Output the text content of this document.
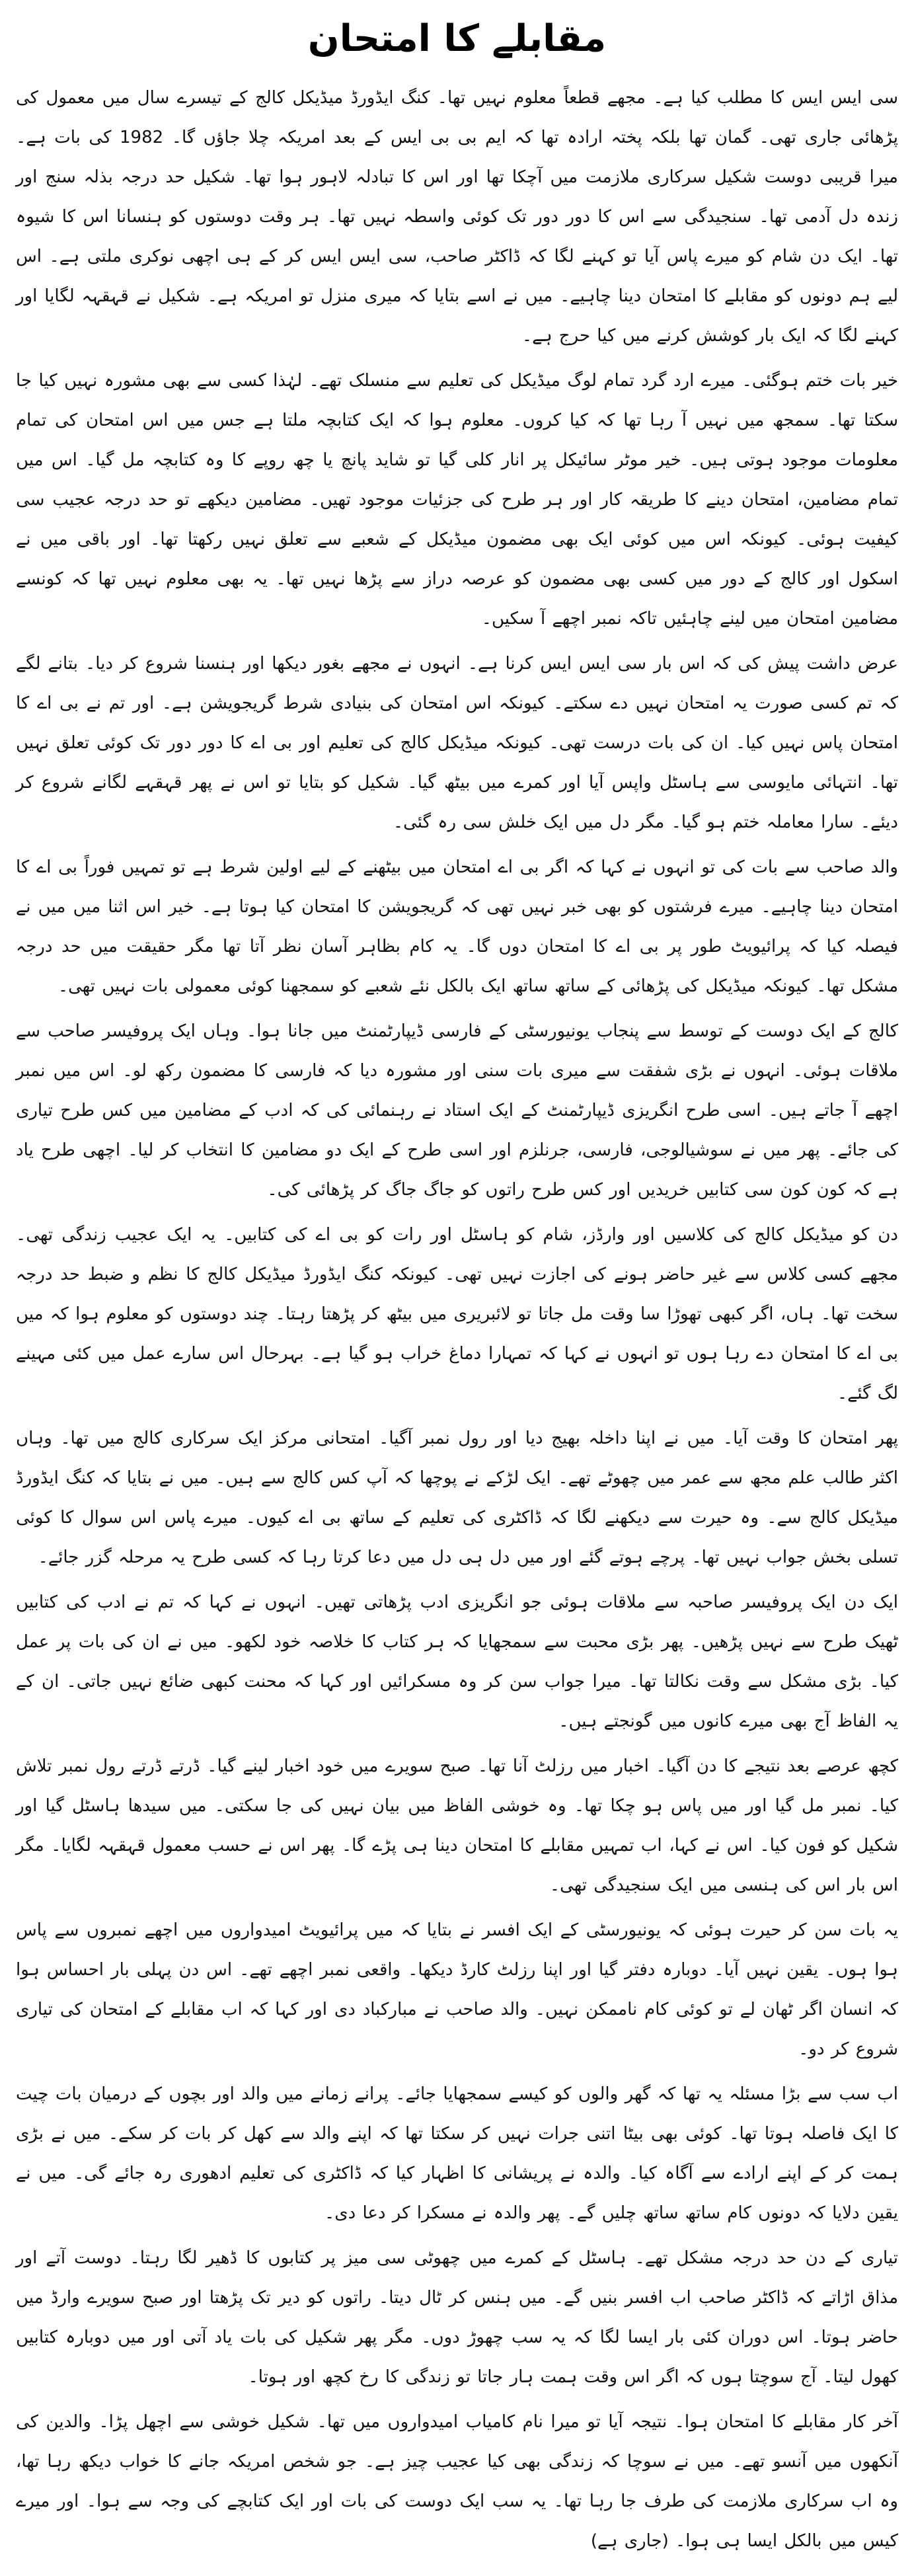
مقابلے کا امتحان

سی ایس ایس کا مطلب کیا ہے۔ مجھے قطعاً معلوم نہیں تھا۔ کنگ ایڈورڈ میڈیکل کالج کے تیسرے سال میں معمول کی پڑھائی جاری تھی۔ گمان تھا بلکہ پختہ ارادہ تھا کہ ایم بی بی ایس کے بعد امریکہ چلا جاؤں گا۔ 1982 کی بات ہے۔ میرا قریبی دوست شکیل سرکاری ملازمت میں آچکا تھا اور اس کا تبادلہ لاہور ہوا تھا۔ شکیل حد درجہ بذلہ سنج اور زندہ دل آدمی تھا۔ سنجیدگی سے اس کا دور دور تک کوئی واسطہ نہیں تھا۔ ہر وقت دوستوں کو ہنسانا اس کا شیوہ تھا۔ ایک دن شام کو میرے پاس آیا تو کہنے لگا کہ ڈاکٹر صاحب، سی ایس ایس کر کے ہی اچھی نوکری ملتی ہے۔ اس لیے ہم دونوں کو مقابلے کا امتحان دینا چاہیے۔ میں نے اسے بتایا کہ میری منزل تو امریکہ ہے۔ شکیل نے قہقہہ لگایا اور کہنے لگا کہ ایک بار کوشش کرنے میں کیا حرج ہے۔

خیر بات ختم ہوگئی۔ میرے ارد گرد تمام لوگ میڈیکل کی تعلیم سے منسلک تھے۔ لہٰذا کسی سے بھی مشورہ نہیں کیا جا سکتا تھا۔ سمجھ میں نہیں آ رہا تھا کہ کیا کروں۔ معلوم ہوا کہ ایک کتابچہ ملتا ہے جس میں اس امتحان کی تمام معلومات موجود ہوتی ہیں۔ خیر موٹر سائیکل پر انار کلی گیا تو شاید پانچ یا چھ روپے کا وہ کتابچہ مل گیا۔ اس میں تمام مضامین، امتحان دینے کا طریقہ کار اور ہر طرح کی جزئیات موجود تھیں۔ مضامین دیکھے تو حد درجہ عجیب سی کیفیت ہوئی۔ کیونکہ اس میں کوئی ایک بھی مضمون میڈیکل کے شعبے سے تعلق نہیں رکھتا تھا۔ اور باقی میں نے اسکول اور کالج کے دور میں کسی بھی مضمون کو عرصہ دراز سے پڑھا نہیں تھا۔ یہ بھی معلوم نہیں تھا کہ کونسے مضامین امتحان میں لینے چاہئیں تاکہ نمبر اچھے آ سکیں۔

عرض داشت پیش کی کہ اس بار سی ایس ایس کرنا ہے۔ انہوں نے مجھے بغور دیکھا اور ہنسنا شروع کر دیا۔ بتانے لگے کہ تم کسی صورت یہ امتحان نہیں دے سکتے۔ کیونکہ اس امتحان کی بنیادی شرط گریجویشن ہے۔ اور تم نے بی اے کا امتحان پاس نہیں کیا۔ ان کی بات درست تھی۔ کیونکہ میڈیکل کالج کی تعلیم اور بی اے کا دور دور تک کوئی تعلق نہیں تھا۔ انتہائی مایوسی سے ہاسٹل واپس آیا اور کمرے میں بیٹھ گیا۔ شکیل کو بتایا تو اس نے پھر قہقہے لگانے شروع کر دیئے۔ سارا معاملہ ختم ہو گیا۔ مگر دل میں ایک خلش سی رہ گئی۔

والد صاحب سے بات کی تو انہوں نے کہا کہ اگر بی اے امتحان میں بیٹھنے کے لیے اولین شرط ہے تو تمہیں فوراً بی اے کا امتحان دینا چاہیے۔ میرے فرشتوں کو بھی خبر نہیں تھی کہ گریجویشن کا امتحان کیا ہوتا ہے۔ خیر اس اثنا میں میں نے فیصلہ کیا کہ پرائیویٹ طور پر بی اے کا امتحان دوں گا۔ یہ کام بظاہر آسان نظر آتا تھا مگر حقیقت میں حد درجہ مشکل تھا۔ کیونکہ میڈیکل کی پڑھائی کے ساتھ ساتھ ایک بالکل نئے شعبے کو سمجھنا کوئی معمولی بات نہیں تھی۔

کالج کے ایک دوست کے توسط سے پنجاب یونیورسٹی کے فارسی ڈیپارٹمنٹ میں جانا ہوا۔ وہاں ایک پروفیسر صاحب سے ملاقات ہوئی۔ انہوں نے بڑی شفقت سے میری بات سنی اور مشورہ دیا کہ فارسی کا مضمون رکھ لو۔ اس میں نمبر اچھے آ جاتے ہیں۔ اسی طرح انگریزی ڈیپارٹمنٹ کے ایک استاد نے رہنمائی کی کہ ادب کے مضامین میں کس طرح تیاری کی جائے۔ پھر میں نے سوشیالوجی، فارسی، جرنلزم اور اسی طرح کے ایک دو مضامین کا انتخاب کر لیا۔ اچھی طرح یاد ہے کہ کون کون سی کتابیں خریدیں اور کس طرح راتوں کو جاگ جاگ کر پڑھائی کی۔

دن کو میڈیکل کالج کی کلاسیں اور وارڈز، شام کو ہاسٹل اور رات کو بی اے کی کتابیں۔ یہ ایک عجیب زندگی تھی۔ مجھے کسی کلاس سے غیر حاضر ہونے کی اجازت نہیں تھی۔ کیونکہ کنگ ایڈورڈ میڈیکل کالج کا نظم و ضبط حد درجہ سخت تھا۔ ہاں، اگر کبھی تھوڑا سا وقت مل جاتا تو لائبریری میں بیٹھ کر پڑھتا رہتا۔ چند دوستوں کو معلوم ہوا کہ میں بی اے کا امتحان دے رہا ہوں تو انہوں نے کہا کہ تمہارا دماغ خراب ہو گیا ہے۔ بہرحال اس سارے عمل میں کئی مہینے لگ گئے۔

پھر امتحان کا وقت آیا۔ میں نے اپنا داخلہ بھیج دیا اور رول نمبر آگیا۔ امتحانی مرکز ایک سرکاری کالج میں تھا۔ وہاں اکثر طالب علم مجھ سے عمر میں چھوٹے تھے۔ ایک لڑکے نے پوچھا کہ آپ کس کالج سے ہیں۔ میں نے بتایا کہ کنگ ایڈورڈ میڈیکل کالج سے۔ وہ حیرت سے دیکھنے لگا کہ ڈاکٹری کی تعلیم کے ساتھ بی اے کیوں۔ میرے پاس اس سوال کا کوئی تسلی بخش جواب نہیں تھا۔ پرچے ہوتے گئے اور میں دل ہی دل میں دعا کرتا رہا کہ کسی طرح یہ مرحلہ گزر جائے۔

ایک دن ایک پروفیسر صاحبہ سے ملاقات ہوئی جو انگریزی ادب پڑھاتی تھیں۔ انہوں نے کہا کہ تم نے ادب کی کتابیں ٹھیک طرح سے نہیں پڑھیں۔ پھر بڑی محبت سے سمجھایا کہ ہر کتاب کا خلاصہ خود لکھو۔ میں نے ان کی بات پر عمل کیا۔ بڑی مشکل سے وقت نکالتا تھا۔ میرا جواب سن کر وہ مسکرائیں اور کہا کہ محنت کبھی ضائع نہیں جاتی۔ ان کے یہ الفاظ آج بھی میرے کانوں میں گونجتے ہیں۔

کچھ عرصے بعد نتیجے کا دن آگیا۔ اخبار میں رزلٹ آنا تھا۔ صبح سویرے میں خود اخبار لینے گیا۔ ڈرتے ڈرتے رول نمبر تلاش کیا۔ نمبر مل گیا اور میں پاس ہو چکا تھا۔ وہ خوشی الفاظ میں بیان نہیں کی جا سکتی۔ میں سیدھا ہاسٹل گیا اور شکیل کو فون کیا۔ اس نے کہا، اب تمہیں مقابلے کا امتحان دینا ہی پڑے گا۔ پھر اس نے حسب معمول قہقہہ لگایا۔ مگر اس بار اس کی ہنسی میں ایک سنجیدگی تھی۔

یہ بات سن کر حیرت ہوئی کہ یونیورسٹی کے ایک افسر نے بتایا کہ میں پرائیویٹ امیدواروں میں اچھے نمبروں سے پاس ہوا ہوں۔ یقین نہیں آیا۔ دوبارہ دفتر گیا اور اپنا رزلٹ کارڈ دیکھا۔ واقعی نمبر اچھے تھے۔ اس دن پہلی بار احساس ہوا کہ انسان اگر ٹھان لے تو کوئی کام ناممکن نہیں۔ والد صاحب نے مبارکباد دی اور کہا کہ اب مقابلے کے امتحان کی تیاری شروع کر دو۔

اب سب سے بڑا مسئلہ یہ تھا کہ گھر والوں کو کیسے سمجھایا جائے۔ پرانے زمانے میں والد اور بچوں کے درمیان بات چیت کا ایک فاصلہ ہوتا تھا۔ کوئی بھی بیٹا اتنی جرات نہیں کر سکتا تھا کہ اپنے والد سے کھل کر بات کر سکے۔ میں نے بڑی ہمت کر کے اپنے ارادے سے آگاہ کیا۔ والدہ نے پریشانی کا اظہار کیا کہ ڈاکٹری کی تعلیم ادھوری رہ جائے گی۔ میں نے یقین دلایا کہ دونوں کام ساتھ ساتھ چلیں گے۔ پھر والدہ نے مسکرا کر دعا دی۔

تیاری کے دن حد درجہ مشکل تھے۔ ہاسٹل کے کمرے میں چھوٹی سی میز پر کتابوں کا ڈھیر لگا رہتا۔ دوست آتے اور مذاق اڑاتے کہ ڈاکٹر صاحب اب افسر بنیں گے۔ میں ہنس کر ٹال دیتا۔ راتوں کو دیر تک پڑھتا اور صبح سویرے وارڈ میں حاضر ہوتا۔ اس دوران کئی بار ایسا لگا کہ یہ سب چھوڑ دوں۔ مگر پھر شکیل کی بات یاد آتی اور میں دوبارہ کتابیں کھول لیتا۔ آج سوچتا ہوں کہ اگر اس وقت ہمت ہار جاتا تو زندگی کا رخ کچھ اور ہوتا۔

آخر کار مقابلے کا امتحان ہوا۔ نتیجہ آیا تو میرا نام کامیاب امیدواروں میں تھا۔ شکیل خوشی سے اچھل پڑا۔ والدین کی آنکھوں میں آنسو تھے۔ میں نے سوچا کہ زندگی بھی کیا عجیب چیز ہے۔ جو شخص امریکہ جانے کا خواب دیکھ رہا تھا، وہ اب سرکاری ملازمت کی طرف جا رہا تھا۔ یہ سب ایک دوست کی بات اور ایک کتابچے کی وجہ سے ہوا۔ اور میرے کیس میں بالکل ایسا ہی ہوا۔ (جاری ہے)
